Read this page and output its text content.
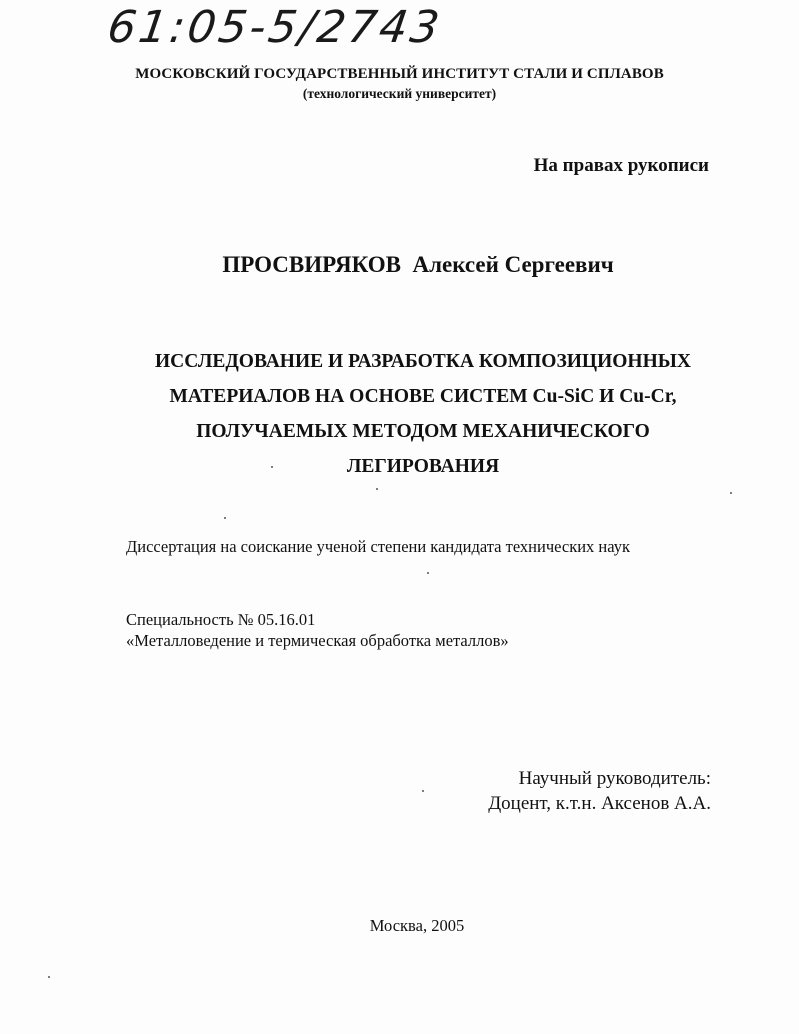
61:05-5/2743
МОСКОВСКИЙ ГОСУДАРСТВЕННЫЙ ИНСТИТУТ СТАЛИ И СПЛАВОВ
(технологический университет)
На правах рукописи
ПРОСВИРЯКОВ Алексей Сергеевич
ИССЛЕДОВАНИЕ И РАЗРАБОТКА КОМПОЗИЦИОННЫХ
МАТЕРИАЛОВ НА ОСНОВЕ СИСТЕМ Cu-SiC И Cu-Cr,
ПОЛУЧАЕМЫХ МЕТОДОМ МЕХАНИЧЕСКОГО
ЛЕГИРОВАНИЯ
Диссертация на соискание ученой степени кандидата технических наук
Специальность № 05.16.01
«Металловедение и термическая обработка металлов»
Научный руководитель:
Доцент, к.т.н. Аксенов А.А.
Москва, 2005
